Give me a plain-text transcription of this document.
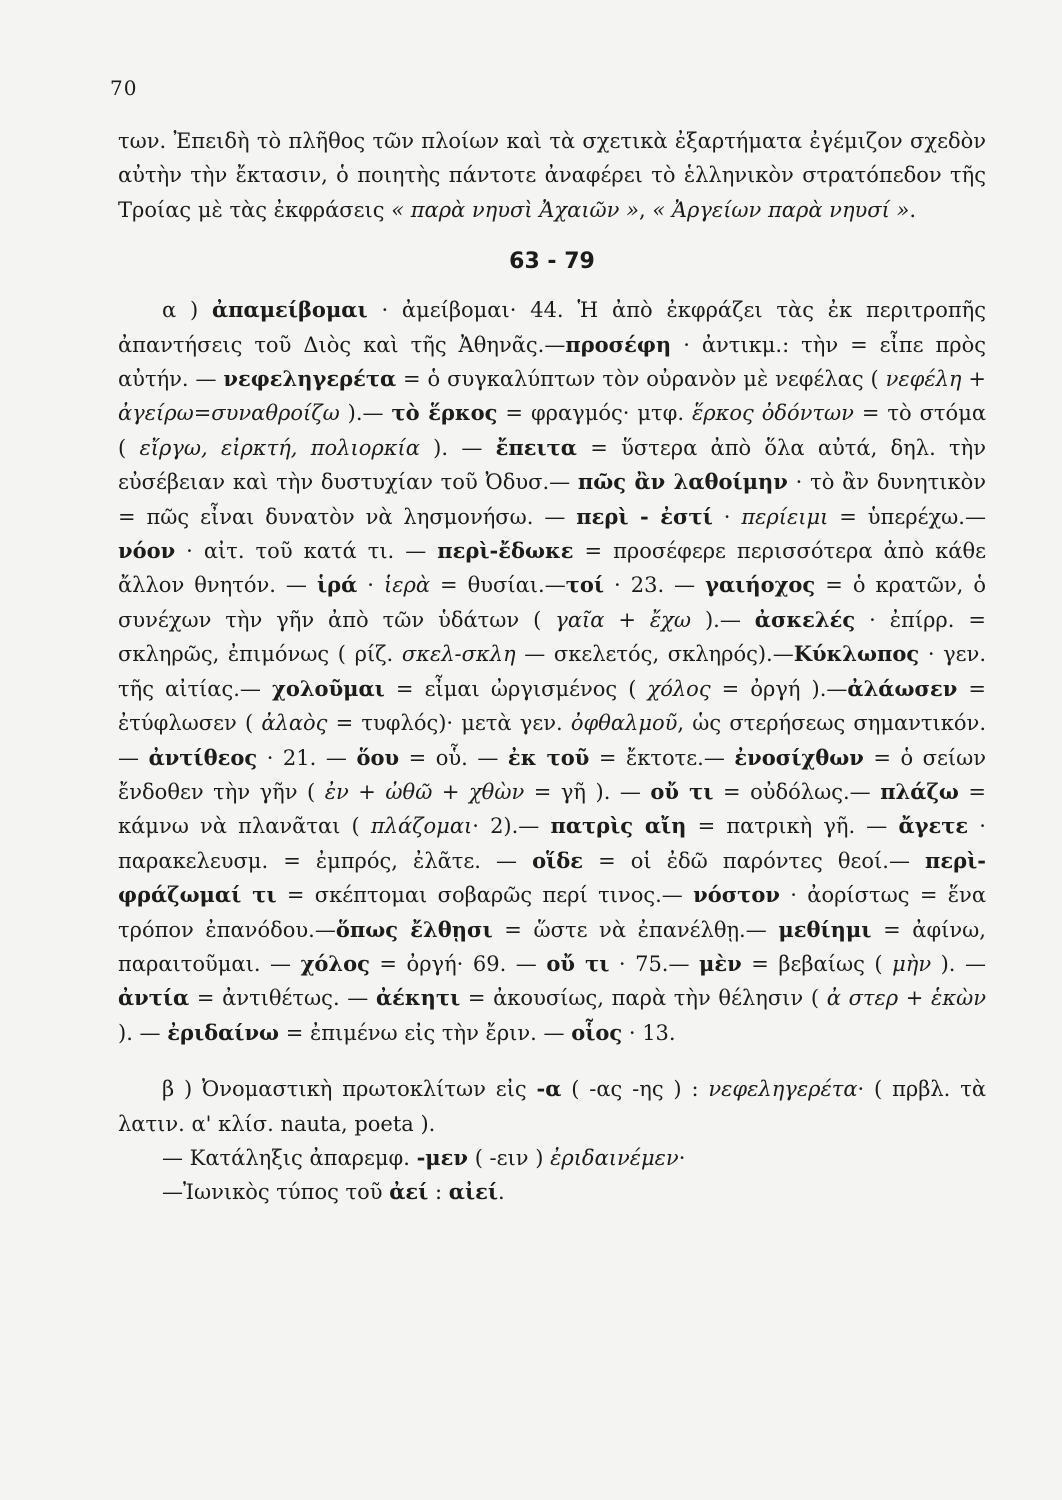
70

των. Ἐπειδὴ τὸ πλῆθος τῶν πλοίων καὶ τὰ σχετικὰ ἐξαρτήματα ἐγέμιζον σχεδὸν αὐτὴν τὴν ἔκτασιν, ὁ ποιητὴς πάντοτε ἀναφέρει τὸ ἑλληνικὸν στρατόπεδον τῆς Τροίας μὲ τὰς ἐκφράσεις « παρὰ νηυσὶ Ἀχαιῶν », « Ἀργείων παρὰ νηυσί ».

63 - 79

α ) ἀπαμείβομαι · ἀμείβομαι· 44. Ἡ ἀπὸ ἐκφράζει τὰς ἐκ περιτροπῆς ἀπαντήσεις τοῦ Διὸς καὶ τῆς Ἀθηνᾶς.—προσέφη · ἀντικμ.: τὴν = εἶπε πρὸς αὐτήν. — νεφεληγερέτα = ὁ συγκαλύπτων τὸν οὐρανὸν μὲ νεφέλας ( νεφέλη + ἀγείρω=συναθροίζω ).— τὸ ἕρκος = φραγμός· μτφ. ἕρκος ὀδόντων = τὸ στόμα ( εἴργω, εἰρκτή, πολιορκία ). — ἔπειτα = ὕστερα ἀπὸ ὅλα αὐτά, δηλ. τὴν εὐσέβειαν καὶ τὴν δυστυχίαν τοῦ Ὀδυσ.— πῶς ἂν λαθοίμην · τὸ ἂν δυνητικὸν = πῶς εἶναι δυνατὸν νὰ λησμονήσω. — περὶ - ἐστί · περίειμι = ὑπερέχω.—νόον · αἰτ. τοῦ κατά τι. — περὶ-ἔδωκε = προσέφερε περισσότερα ἀπὸ κάθε ἄλλον θνητόν. — ἱρά · ἱερὰ = θυσίαι.—τοί · 23. — γαιήοχος = ὁ κρατῶν, ὁ συνέχων τὴν γῆν ἀπὸ τῶν ὑδάτων ( γαῖα + ἔχω ).— ἀσκελές · ἐπίρρ. = σκληρῶς, ἐπιμόνως ( ρίζ. σκελ-σκλη — σκελετός, σκληρός).—Κύκλωπος · γεν. τῆς αἰτίας.— χολοῦμαι = εἶμαι ὠργισμένος ( χόλος = ὀργή ).—ἀλάωσεν = ἐτύφλωσεν ( ἀλαὸς = τυφλός)· μετὰ γεν. ὀφθαλμοῦ, ὡς στερήσεως σημαντικόν.— ἀντίθεος · 21. — ὅου = οὗ. — ἐκ τοῦ = ἔκτοτε.— ἐνοσίχθων = ὁ σείων ἔνδοθεν τὴν γῆν ( ἐν + ὠθῶ + χθὼν = γῆ ). — οὔ τι = οὐδόλως.— πλάζω = κάμνω νὰ πλανᾶται ( πλάζομαι· 2).— πατρὶς αἴη = πατρικὴ γῆ. — ἄγετε · παρακελευσμ. = ἐμπρός, ἐλᾶτε. — οἵδε = οἱ ἐδῶ παρόντες θεοί.— περὶ-φράζωμαί τι = σκέπτομαι σοβαρῶς περί τινος.— νόστον · ἀορίστως = ἕνα τρόπον ἐπανόδου.—ὅπως ἔλθῃσι = ὥστε νὰ ἐπανέλθῃ.— μεθίημι = ἀφίνω, παραιτοῦμαι. — χόλος = ὀργή· 69. — οὔ τι · 75.— μὲν = βεβαίως ( μὴν ). — ἀντία = ἀντιθέτως. — ἀέκητι = ἀκουσίως, παρὰ τὴν θέλησιν ( ἀ στερ + ἑκὼν ). — ἐριδαίνω = ἐπιμένω εἰς τὴν ἔριν. — οἷος · 13.

β ) Ὀνομαστικὴ πρωτοκλίτων εἰς -α ( -ας -ης ) : νεφεληγερέτα· ( πρβλ. τὰ λατιν. α' κλίσ. nauta, poeta ).

— Κατάληξις ἀπαρεμφ. -μεν ( -ειν ) ἐριδαινέμεν·

—Ἰωνικὸς τύπος τοῦ ἀεί : αἰεί.
